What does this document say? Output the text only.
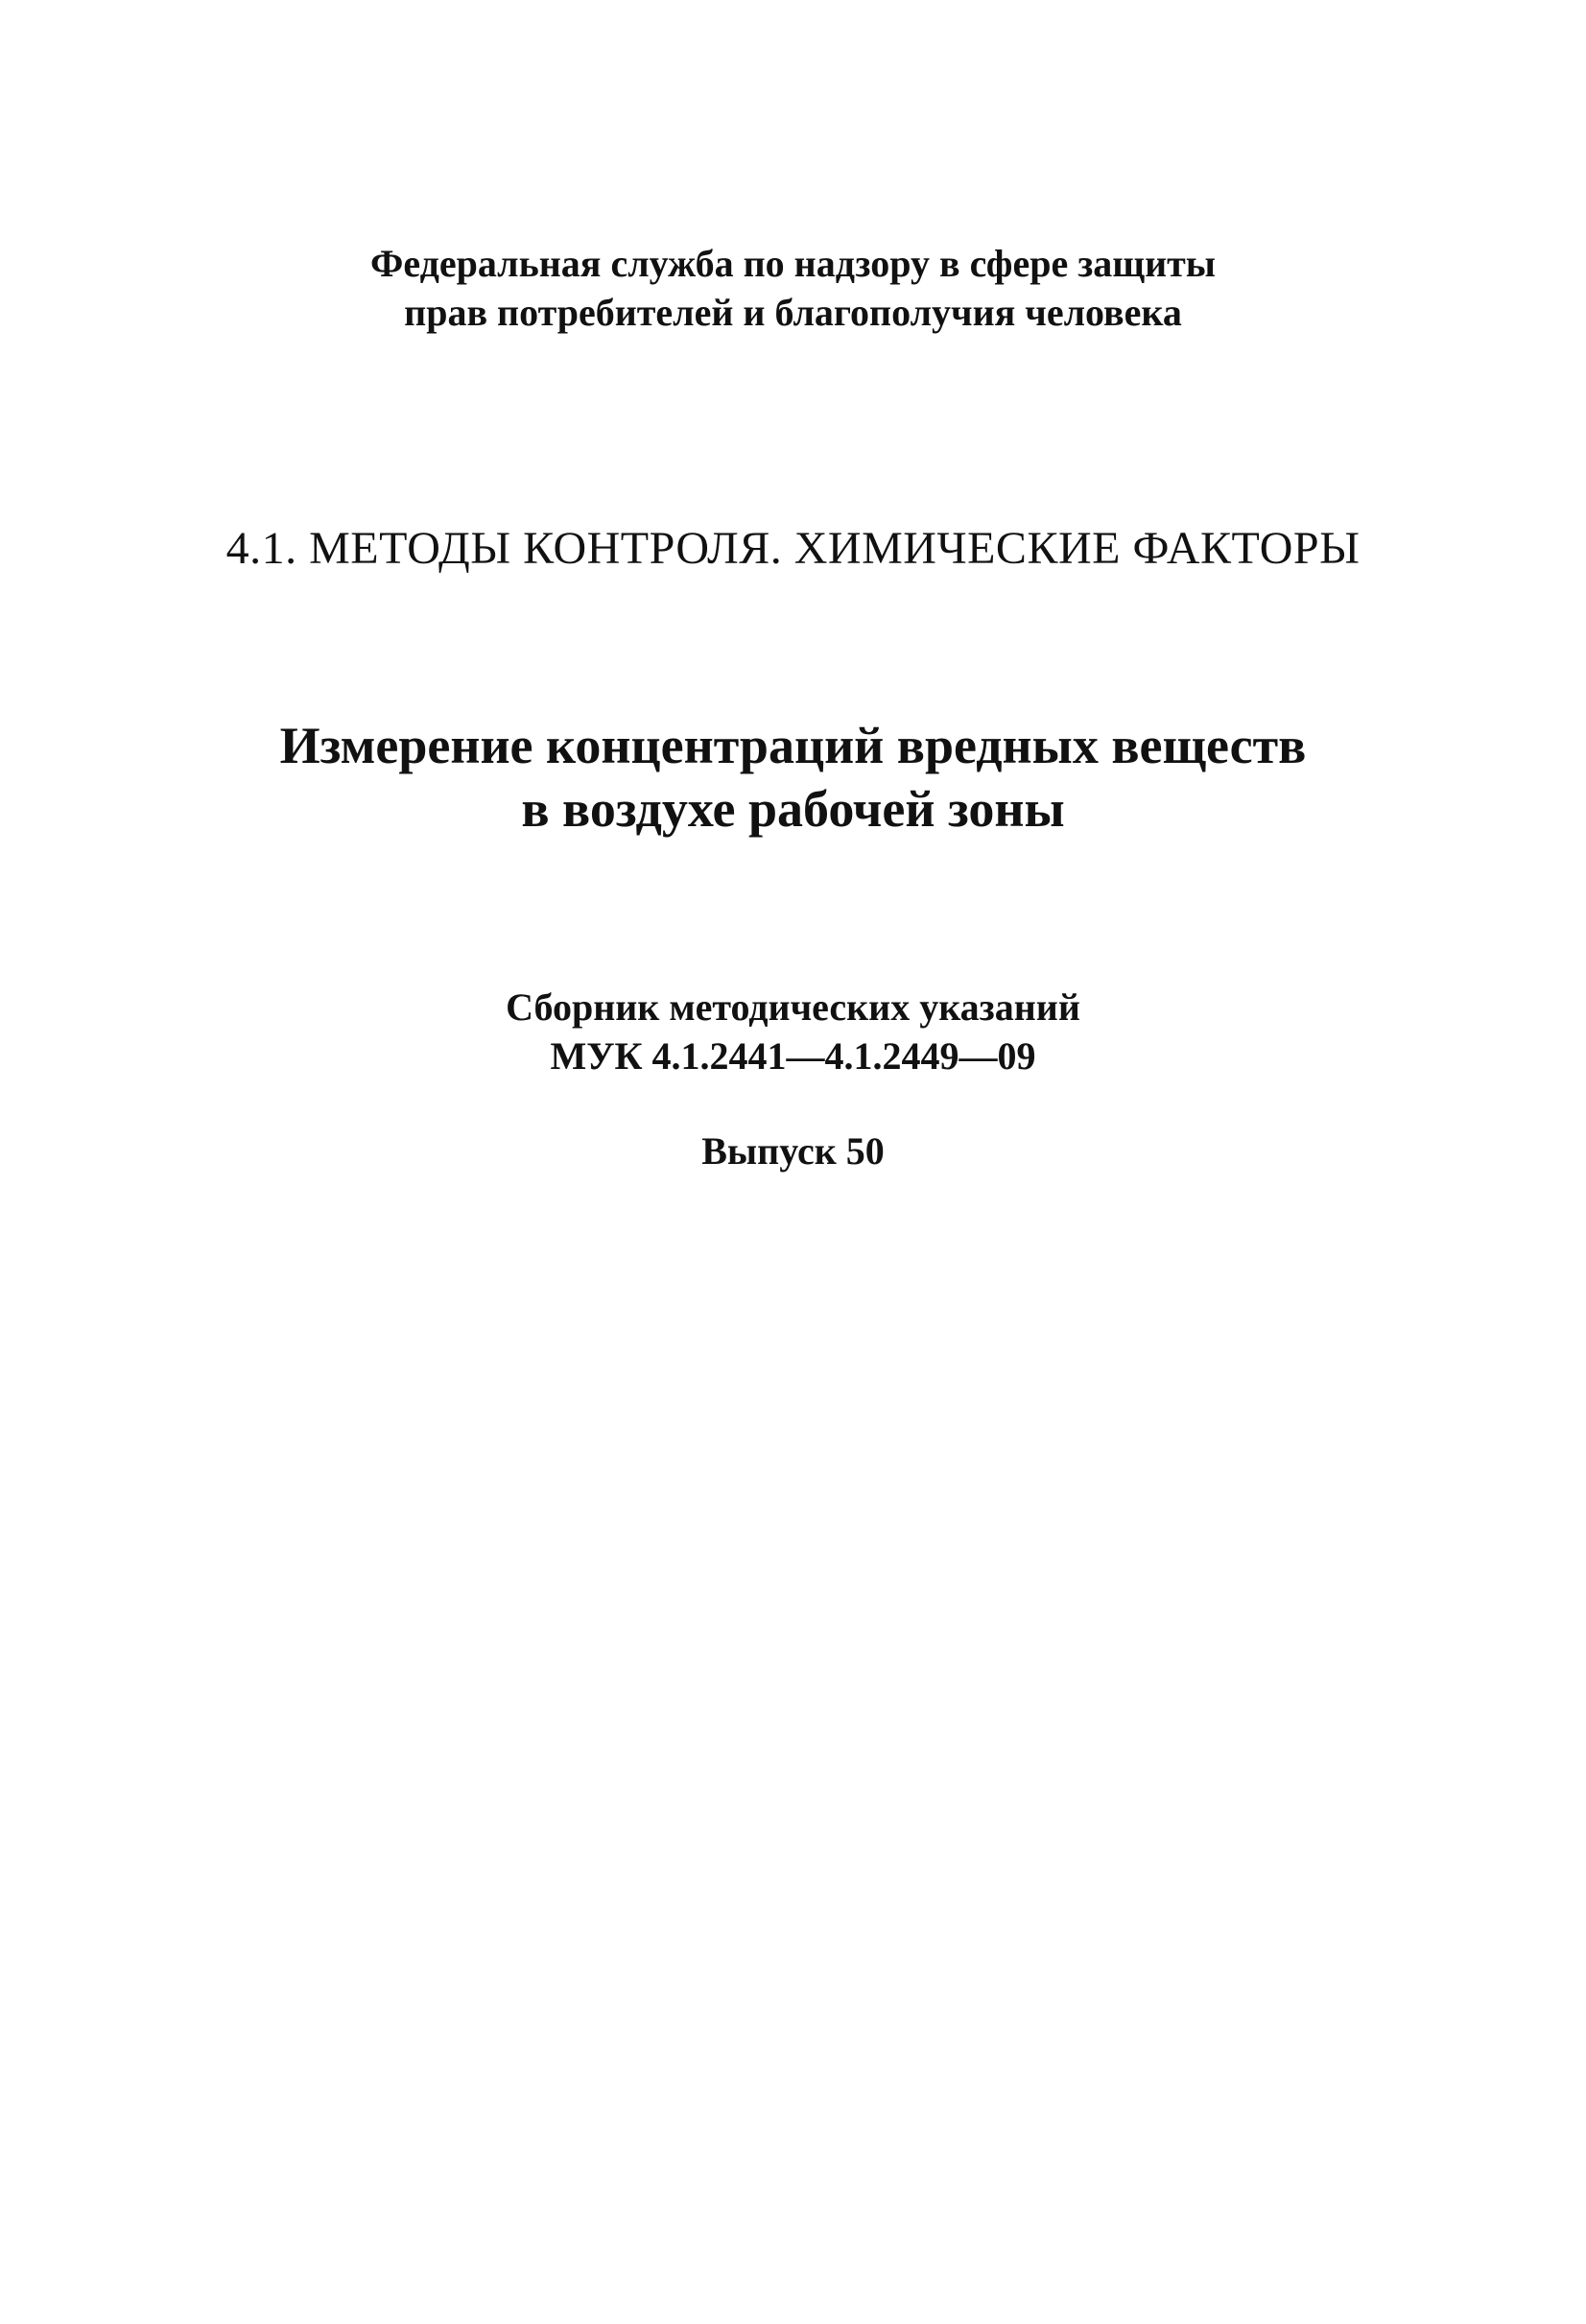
Федеральная служба по надзору в сфере защиты
прав потребителей и благополучия человека
4.1. МЕТОДЫ КОНТРОЛЯ. ХИМИЧЕСКИЕ ФАКТОРЫ
Измерение концентраций вредных веществ
в воздухе рабочей зоны
Сборник методических указаний
МУК 4.1.2441—4.1.2449—09
Выпуск 50
